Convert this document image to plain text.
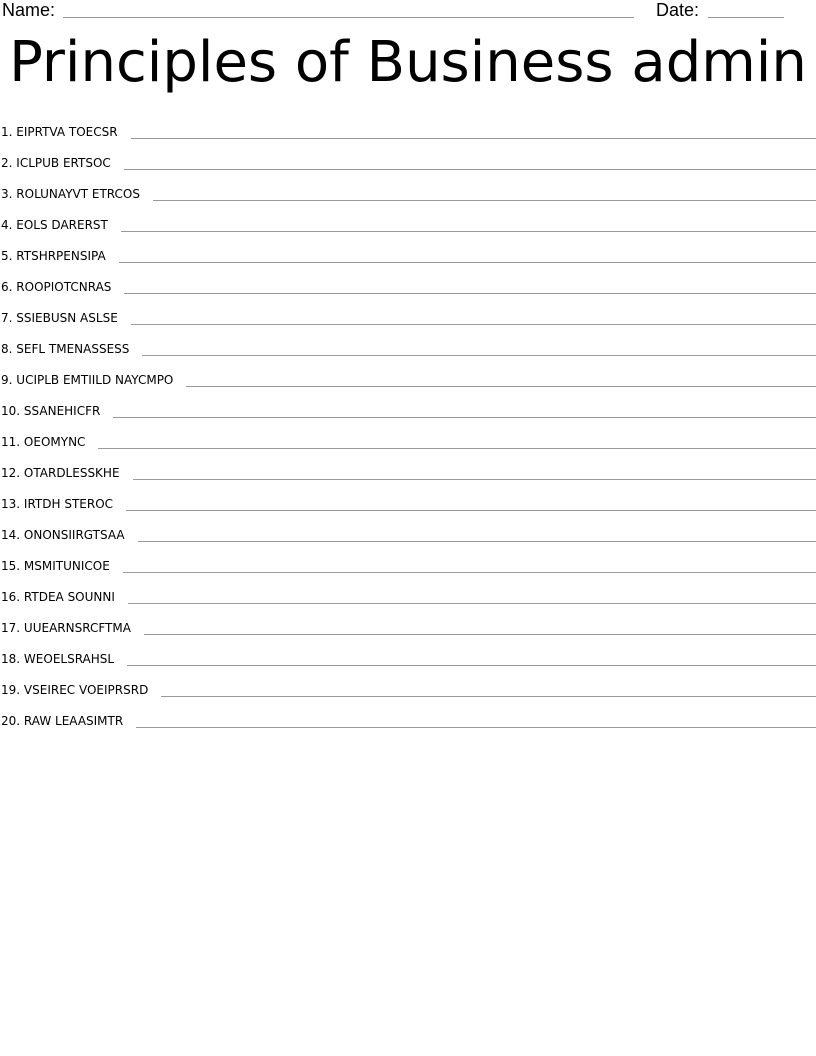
Name:	Date:
Principles of Business admin
1 . EIPRTVA TOECSR
2 . ICLPUB ERTSOC
3 . ROLUNAYVT ETRCOS
4 . EOLS DARERST
5 . RTSHRPENSIPA
6 . ROOPIOTCNRAS
7 . SSIEBUSN ASLSE
8 . SEFL TMENASSESS
9 . UCIPLB EMTIILD NAYCMPO
10 . SSANEHICFR
11 . OEOMYNC
12 . OTARDLESSKHE
13 . IRTDH STEROC
14 . ONONSIIRGTSAA
15 . MSMITUNICOE
16 . RTDEA SOUNNI
17 . UUEARNSRCFTMA
18 . WEOELSRAHSL
19 . VSEIREC VOEIPRSRD
20 . RAW LEAASIMTR
